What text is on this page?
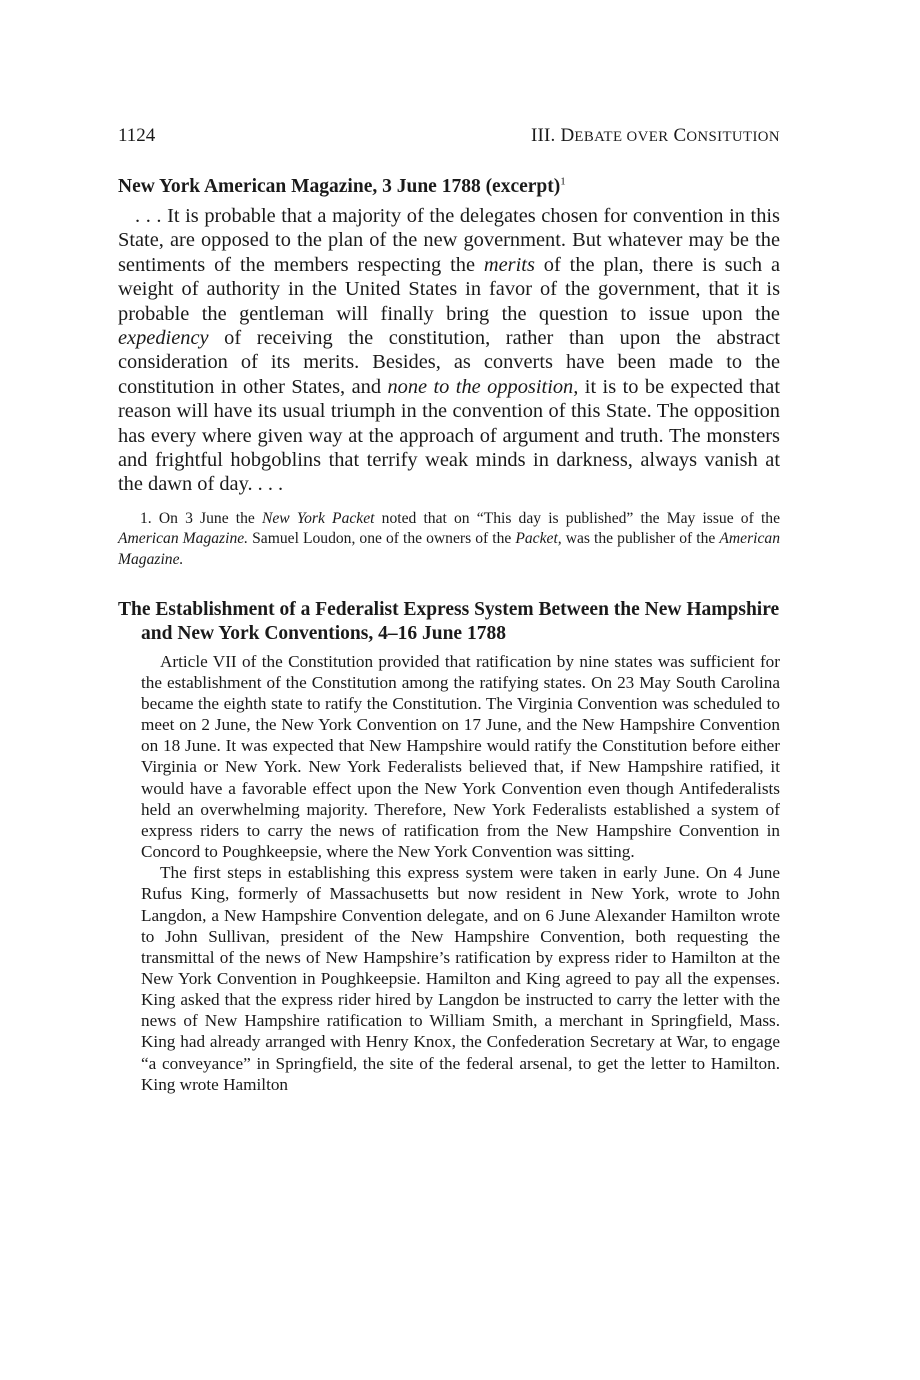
1124	III. DEBATE OVER CONSITUTION
New York American Magazine, 3 June 1788 (excerpt)$^1$

. . . It is probable that a majority of the delegates chosen for convention in this State, are opposed to the plan of the new government. But whatever may be the sentiments of the members respecting the merits of the plan, there is such a weight of authority in the United States in favor of the government, that it is probable the gentleman will finally bring the question to issue upon the expediency of receiving the constitution, rather than upon the abstract consideration of its merits. Besides, as converts have been made to the constitution in other States, and none to the opposition, it is to be expected that reason will have its usual triumph in the convention of this State. The opposition has every where given way at the approach of argument and truth. The monsters and frightful hobgoblins that terrify weak minds in darkness, always vanish at the dawn of day. . . .

1. On 3 June the New York Packet noted that on “This day is published” the May issue of the American Magazine. Samuel Loudon, one of the owners of the Packet, was the publisher of the American Magazine.

The Establishment of a Federalist Express System Between the New Hampshire and New York Conventions, 4–16 June 1788

Article VII of the Constitution provided that ratification by nine states was sufficient for the establishment of the Constitution among the ratifying states. On 23 May South Carolina became the eighth state to ratify the Constitution. The Virginia Convention was scheduled to meet on 2 June, the New York Convention on 17 June, and the New Hampshire Convention on 18 June. It was expected that New Hampshire would ratify the Constitution before either Virginia or New York. New York Federalists believed that, if New Hampshire ratified, it would have a favorable effect upon the New York Convention even though Antifederalists held an overwhelming majority. Therefore, New York Federalists established a system of express riders to carry the news of ratification from the New Hampshire Convention in Concord to Poughkeepsie, where the New York Convention was sitting.

The first steps in establishing this express system were taken in early June. On 4 June Rufus King, formerly of Massachusetts but now resident in New York, wrote to John Langdon, a New Hampshire Convention delegate, and on 6 June Alexander Hamilton wrote to John Sullivan, president of the New Hampshire Convention, both requesting the transmittal of the news of New Hampshire’s ratification by express rider to Hamilton at the New York Convention in Poughkeepsie. Hamilton and King agreed to pay all the expenses. King asked that the express rider hired by Langdon be instructed to carry the letter with the news of New Hampshire ratification to William Smith, a merchant in Springfield, Mass. King had already arranged with Henry Knox, the Confederation Secretary at War, to engage “a conveyance” in Springfield, the site of the federal arsenal, to get the letter to Hamilton. King wrote Hamilton
